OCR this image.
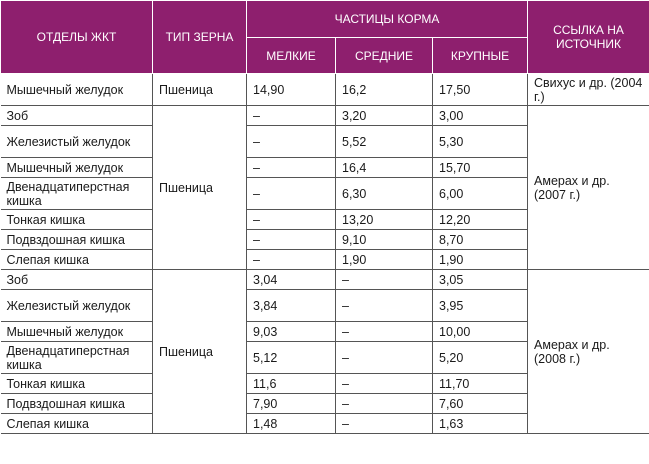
ОТДЕЛЫ ЖКТ	ТИП ЗЕРНА	ЧАСТИЦЫ КОРМА			ССЫЛКА НА ИСТОЧНИК
		МЕЛКИЕ	СРЕДНИЕ	КРУПНЫЕ	
Мышечный желудок	Пшеница	14,90	16,2	17,50	Свихус и др. (2004 г.)
Зоб	Пшеница	–	3,20	3,00	Амерах и др. (2007 г.)
Железистый желудок		–	5,52	5,30	
Мышечный желудок		–	16,4	15,70	
Двенадцатиперстная кишка		–	6,30	6,00	
Тонкая кишка		–	13,20	12,20	
Подвздошная кишка		–	9,10	8,70	
Слепая кишка		–	1,90	1,90	
Зоб	Пшеница	3,04	–	3,05	Амерах и др. (2008 г.)
Железистый желудок		3,84	–	3,95	
Мышечный желудок		9,03	–	10,00	
Двенадцатиперстная кишка		5,12	–	5,20	
Тонкая кишка		11,6	–	11,70	
Подвздошная кишка		7,90	–	7,60	
Слепая кишка		1,48	–	1,63	
